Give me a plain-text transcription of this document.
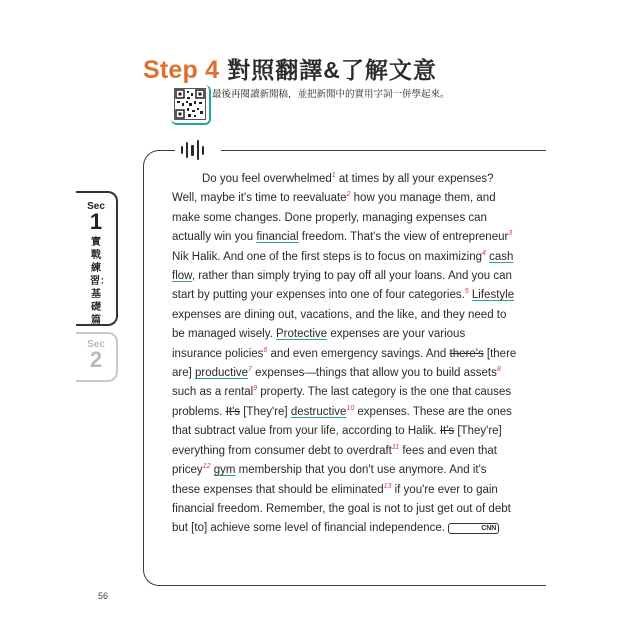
Step 4 對照翻譯&了解文意
最後再閱讀新聞稿，並把新聞中的實用字詞一併學起來。
Sec
1
實戰練習：基礎篇
Sec
2

Do you feel overwhelmed$^1$ at times by all your expenses? Well, maybe it's time to reevaluate$^2$ how you manage them, and make some changes. Done properly, managing expenses can actually win you financial freedom. That's the view of entrepreneur$^3$ Nik Halik. And one of the first steps is to focus on maximizing$^4$ cash flow, rather than simply trying to pay off all your loans. And you can start by putting your expenses into one of four categories.$^5$ Lifestyle expenses are dining out, vacations, and the like, and they need to be managed wisely. Protective expenses are your various insurance policies$^6$ and even emergency savings. And there's [there are] productive$^7$ expenses—things that allow you to build assets$^8$ such as a rental$^9$ property. The last category is the one that causes problems. It's [They're] destructive$^{10}$ expenses. These are the ones that subtract value from your life, according to Halik. It's [They're] everything from consumer debt to overdraft$^{11}$ fees and even that pricey$^{12}$ gym membership that you don't use anymore. And it's these expenses that should be eliminated$^{13}$ if you're ever to gain financial freedom. Remember, the goal is not to just get out of debt but [to] achieve some level of financial independence.	CNN

56
